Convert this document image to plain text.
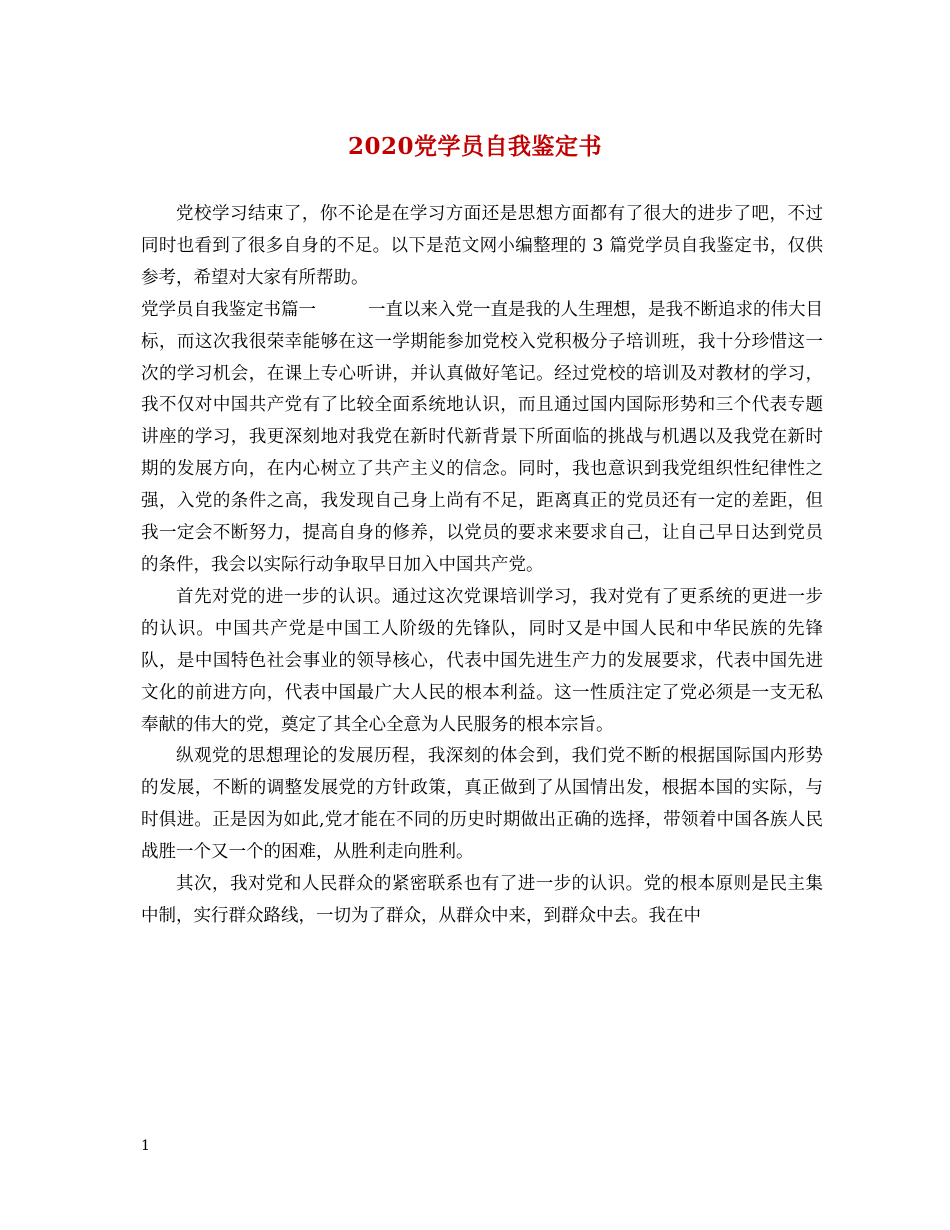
2020党学员自我鉴定书

党校学习结束了，你不论是在学习方面还是思想方面都有了很大的进步了吧，不过同时也看到了很多自身的不足。以下是范文网小编整理的 3 篇党学员自我鉴定书，仅供参考，希望对大家有所帮助。

党学员自我鉴定书篇一	一直以来入党一直是我的人生理想，是我不断追求的伟大目标，而这次我很荣幸能够在这一学期能参加党校入党积极分子培训班，我十分珍惜这一次的学习机会，在课上专心听讲，并认真做好笔记。经过党校的培训及对教材的学习，我不仅对中国共产党有了比较全面系统地认识，而且通过国内国际形势和三个代表专题讲座的学习，我更深刻地对我党在新时代新背景下所面临的挑战与机遇以及我党在新时期的发展方向，在内心树立了共产主义的信念。同时，我也意识到我党组织性纪律性之强，入党的条件之高，我发现自己身上尚有不足，距离真正的党员还有一定的差距，但我一定会不断努力，提高自身的修养，以党员的要求来要求自己，让自己早日达到党员的条件，我会以实际行动争取早日加入中国共产党。

首先对党的进一步的认识。通过这次党课培训学习，我对党有了更系统的更进一步的认识。中国共产党是中国工人阶级的先锋队，同时又是中国人民和中华民族的先锋队，是中国特色社会事业的领导核心，代表中国先进生产力的发展要求，代表中国先进文化的前进方向，代表中国最广大人民的根本利益。这一性质注定了党必须是一支无私奉献的伟大的党，奠定了其全心全意为人民服务的根本宗旨。

纵观党的思想理论的发展历程，我深刻的体会到，我们党不断的根据国际国内形势的发展，不断的调整发展党的方针政策，真正做到了从国情出发，根据本国的实际，与时俱进。正是因为如此,党才能在不同的历史时期做出正确的选择，带领着中国各族人民战胜一个又一个的困难，从胜利走向胜利。

其次，我对党和人民群众的紧密联系也有了进一步的认识。党的根本原则是民主集中制，实行群众路线，一切为了群众，从群众中来，到群众中去。我在中

1
